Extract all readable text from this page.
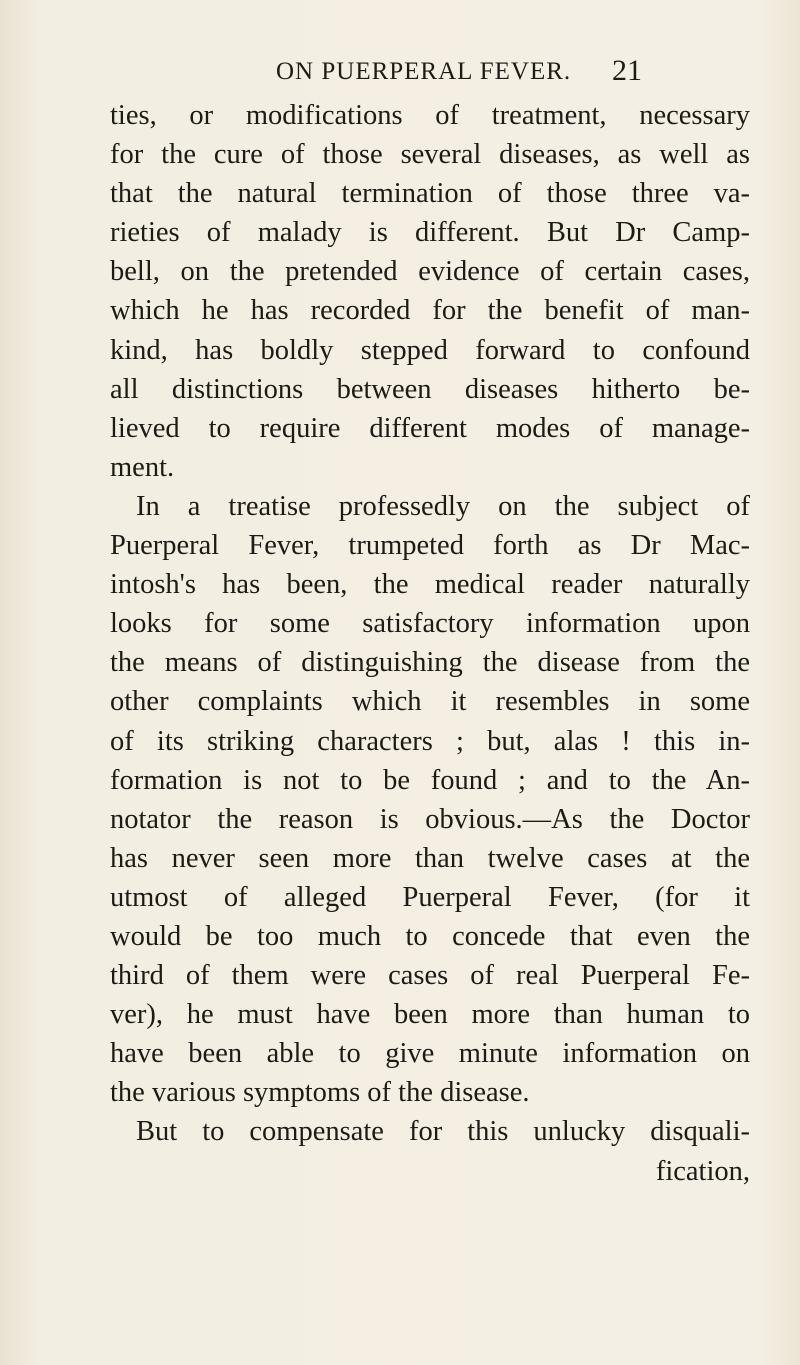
ON PUERPERAL FEVER. 21
ties, or modifications of treatment, necessary
for the cure of those several diseases, as well as
that the natural termination of those three va-
rieties of malady is different. But Dr Camp-
bell, on the pretended evidence of certain cases,
which he has recorded for the benefit of man-
kind, has boldly stepped forward to confound
all distinctions between diseases hitherto be-
lieved to require different modes of manage-
ment.
In a treatise professedly on the subject of
Puerperal Fever, trumpeted forth as Dr Mac-
intosh's has been, the medical reader naturally
looks for some satisfactory information upon
the means of distinguishing the disease from the
other complaints which it resembles in some
of its striking characters ; but, alas ! this in-
formation is not to be found ; and to the An-
notator the reason is obvious.—As the Doctor
has never seen more than twelve cases at the
utmost of alleged Puerperal Fever, (for it
would be too much to concede that even the
third of them were cases of real Puerperal Fe-
ver), he must have been more than human to
have been able to give minute information on
the various symptoms of the disease.
But to compensate for this unlucky disquali-
fication,
